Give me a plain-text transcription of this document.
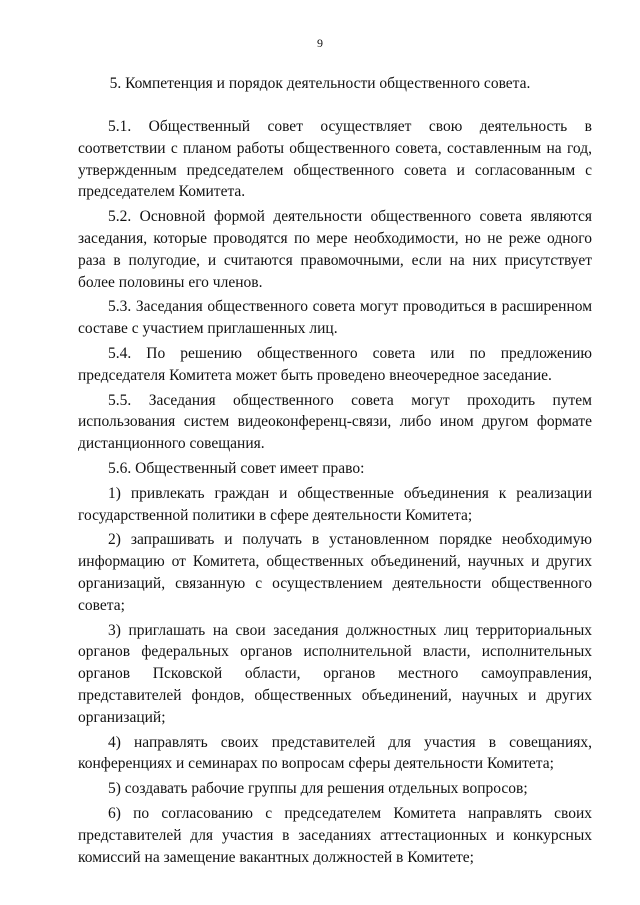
9
5. Компетенция и порядок деятельности общественного совета.

5.1. Общественный совет осуществляет свою деятельность в соответствии с планом работы общественного совета, составленным на год, утвержденным председателем общественного совета и согласованным с председателем Комитета.

5.2. Основной формой деятельности общественного совета являются заседания, которые проводятся по мере необходимости, но не реже одного раза в полугодие, и считаются правомочными, если на них присутствует более половины его членов.

5.3. Заседания общественного совета могут проводиться в расширенном составе с участием приглашенных лиц.

5.4. По решению общественного совета или по предложению председателя Комитета может быть проведено внеочередное заседание.

5.5. Заседания общественного совета могут проходить путем использования систем видеоконференц-связи, либо ином другом формате дистанционного совещания.

5.6. Общественный совет имеет право:

1) привлекать граждан и общественные объединения к реализации государственной политики в сфере деятельности Комитета;

2) запрашивать и получать в установленном порядке необходимую информацию от Комитета, общественных объединений, научных и других организаций, связанную с осуществлением деятельности общественного совета;

3) приглашать на свои заседания должностных лиц территориальных органов федеральных органов исполнительной власти, исполнительных органов Псковской области, органов местного самоуправления, представителей фондов, общественных объединений, научных и других организаций;

4) направлять своих представителей для участия в совещаниях, конференциях и семинарах по вопросам сферы деятельности Комитета;

5) создавать рабочие группы для решения отдельных вопросов;

6) по согласованию с председателем Комитета направлять своих представителей для участия в заседаниях аттестационных и конкурсных комиссий на замещение вакантных должностей в Комитете;
